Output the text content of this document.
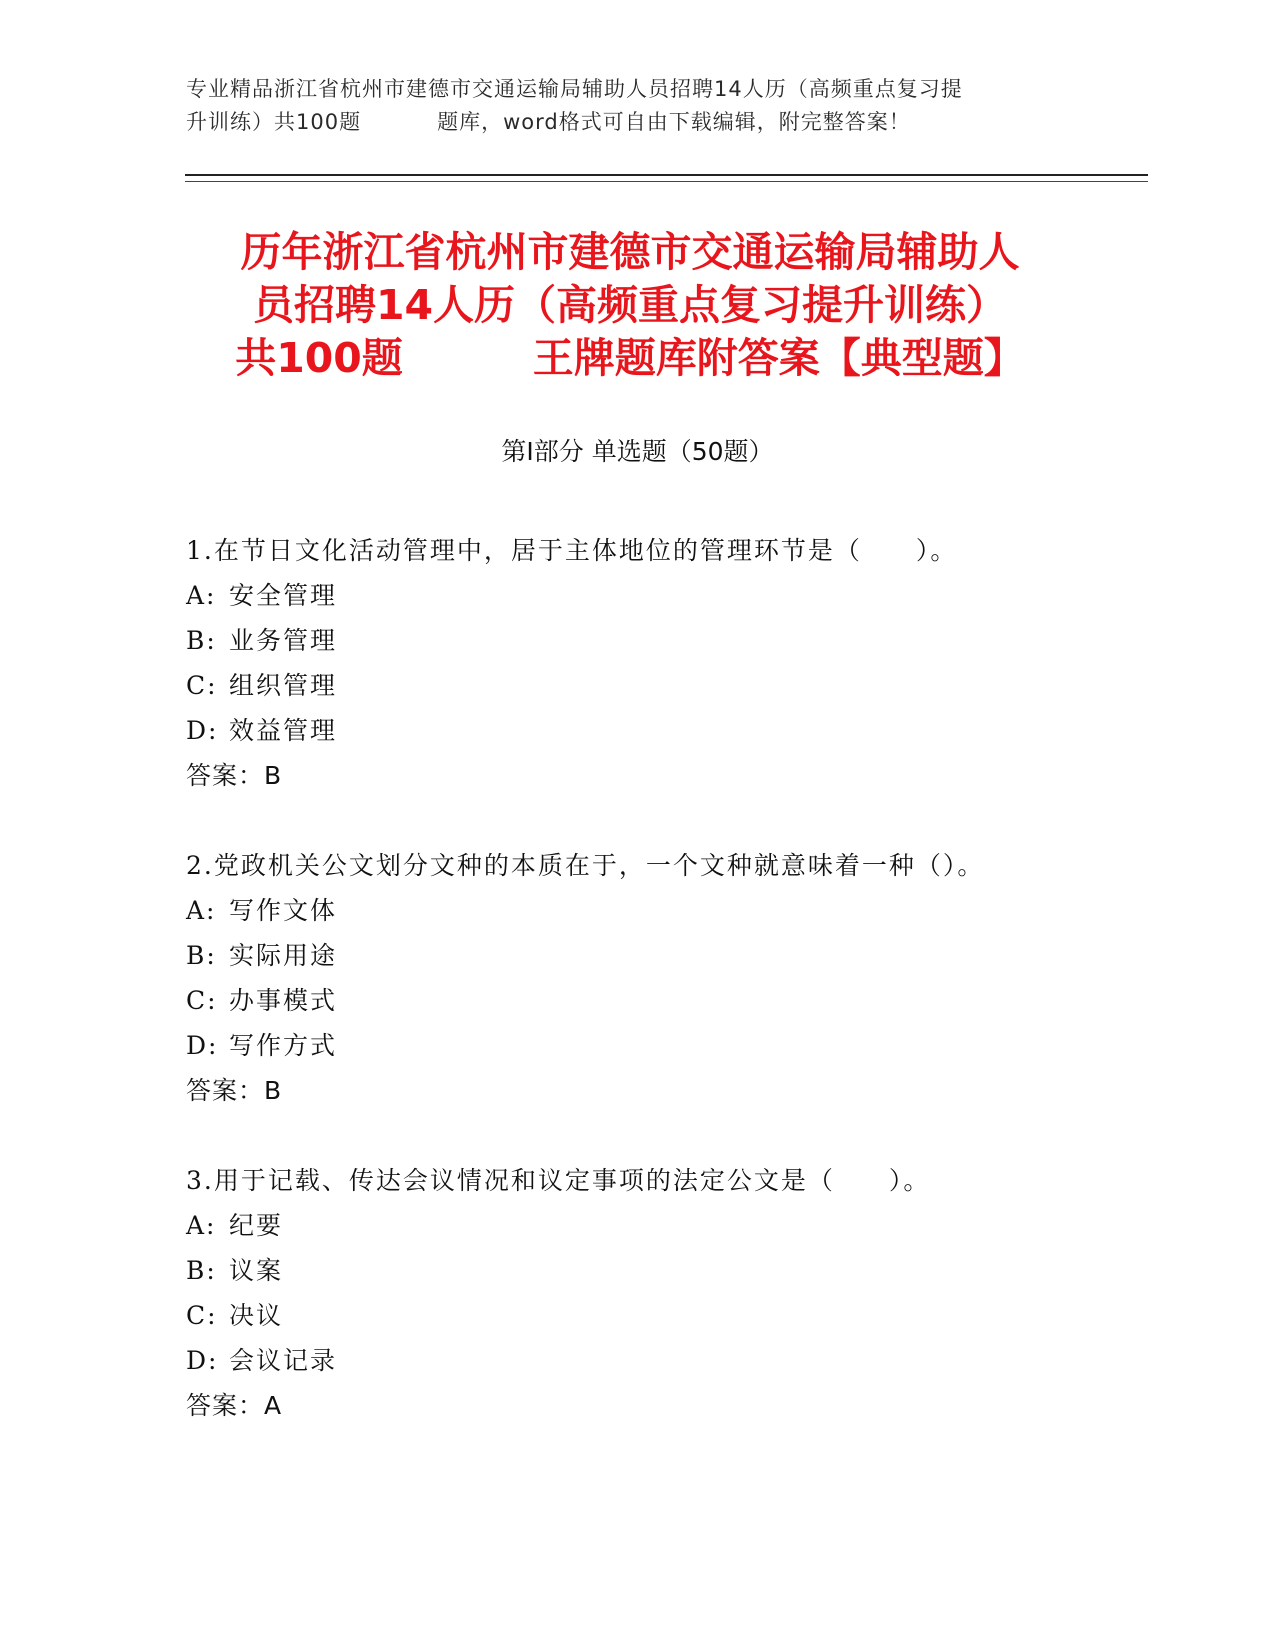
专业精品浙江省杭州市建德市交通运输局辅助人员招聘14人历（高频重点复习提
升训练）共100题	题库，word格式可自由下载编辑，附完整答案！
历年浙江省杭州市建德市交通运输局辅助人
员招聘14人历（高频重点复习提升训练）
共100题	王牌题库附答案【典型题】
第Ⅰ部分 单选题（50题）
1.在节日文化活动管理中，居于主体地位的管理环节是（　　）。
A: 安全管理
B: 业务管理
C: 组织管理
D: 效益管理
答案：B
2.党政机关公文划分文种的本质在于，一个文种就意味着一种（）。
A: 写作文体
B: 实际用途
C: 办事模式
D: 写作方式
答案：B
3.用于记载、传达会议情况和议定事项的法定公文是（　　）。
A: 纪要
B: 议案
C: 决议
D: 会议记录
答案：A
